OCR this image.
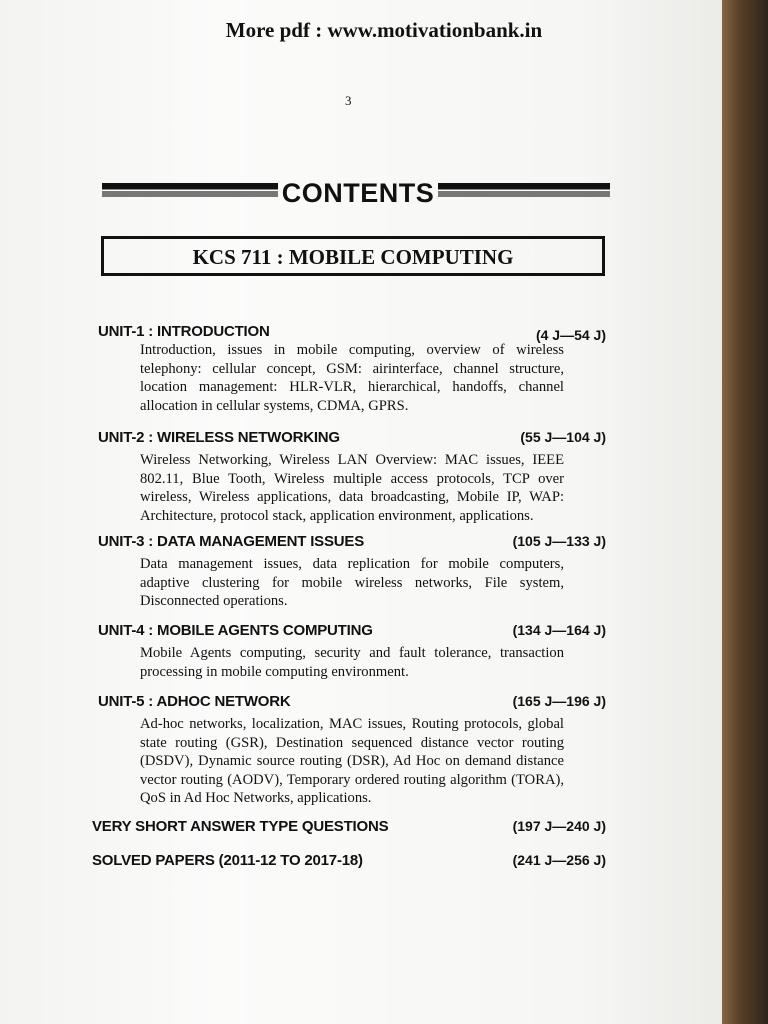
More pdf : www.motivationbank.in
3
CONTENTS
KCS 711 : MOBILE COMPUTING
UNIT-1 : INTRODUCTION	(4 J—54 J)

Introduction, issues in mobile computing, overview of wireless telephony: cellular concept, GSM: airinterface, channel structure, location management: HLR-VLR, hierarchical, handoffs, channel allocation in cellular systems, CDMA, GPRS.

UNIT-2 : WIRELESS NETWORKING	(55 J—104 J)

Wireless Networking, Wireless LAN Overview: MAC issues, IEEE 802.11, Blue Tooth, Wireless multiple access protocols, TCP over wireless, Wireless applications, data broadcasting, Mobile IP, WAP: Architecture, protocol stack, application environment, applications.

UNIT-3 : DATA MANAGEMENT ISSUES	(105 J—133 J)

Data management issues, data replication for mobile computers, adaptive clustering for mobile wireless networks, File system, Disconnected operations.

UNIT-4 : MOBILE AGENTS COMPUTING	(134 J—164 J)

Mobile Agents computing, security and fault tolerance, transaction processing in mobile computing environment.

UNIT-5 : ADHOC NETWORK	(165 J—196 J)

Ad-hoc networks, localization, MAC issues, Routing protocols, global state routing (GSR), Destination sequenced distance vector routing (DSDV), Dynamic source routing (DSR), Ad Hoc on demand distance vector routing (AODV), Temporary ordered routing algorithm (TORA), QoS in Ad Hoc Networks, applications.

VERY SHORT ANSWER TYPE QUESTIONS	(197 J—240 J)
SOLVED PAPERS (2011-12 TO 2017-18)	(241 J—256 J)
